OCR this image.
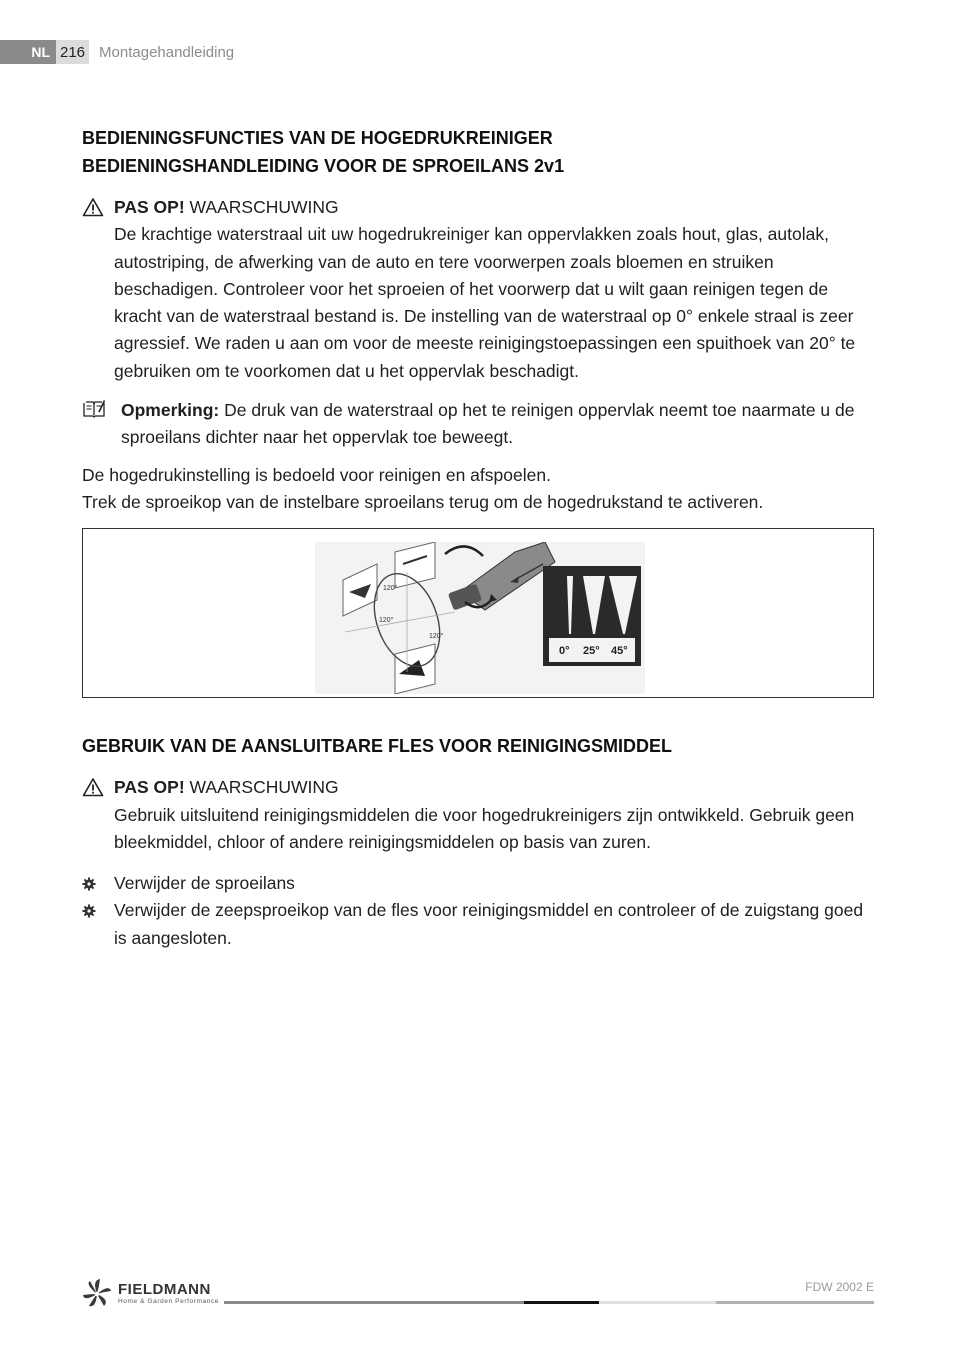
NL 216 Montagehandleiding
BEDIENINGSFUNCTIES VAN DE HOGEDRUKREINIGER
BEDIENINGSHANDLEIDING VOOR DE SPROEILANS 2v1

PAS OP! WAARSCHUWING

De krachtige waterstraal uit uw hogedrukreiniger kan oppervlakken zoals hout, glas, autolak, autostriping, de afwerking van de auto en tere voorwerpen zoals bloemen en struiken beschadigen. Controleer voor het sproeien of het voorwerp dat u wilt gaan reinigen tegen de kracht van de waterstraal bestand is. De instelling van de waterstraal op 0° enkele straal is zeer agressief. We raden u aan om voor de meeste reinigingstoepassingen een spuithoek van 20° te gebruiken om te voorkomen dat u het oppervlak beschadigt.

Opmerking: De druk van de waterstraal op het te reinigen oppervlak neemt toe naarmate u de sproeilans dichter naar het oppervlak toe beweegt.

De hogedrukinstelling is bedoeld voor reinigen en afspoelen.

Trek de sproeikop van de instelbare sproeilans terug om de hogedrukstand te activeren.

120°
120°
120°
0° 25° 45°
GEBRUIK VAN DE AANSLUITBARE FLES VOOR REINIGINGSMIDDEL

PAS OP! WAARSCHUWING

Gebruik uitsluitend reinigingsmiddelen die voor hogedrukreinigers zijn ontwikkeld. Gebruik geen bleekmiddel, chloor of andere reinigingsmiddelen op basis van zuren.

Verwijder de sproeilans
Verwijder de zeepsproeikop van de fles voor reinigingsmiddel en controleer of de zuigstang goed is aangesloten.
FIELDMANN
Home & Garden Performance
FDW 2002 E
